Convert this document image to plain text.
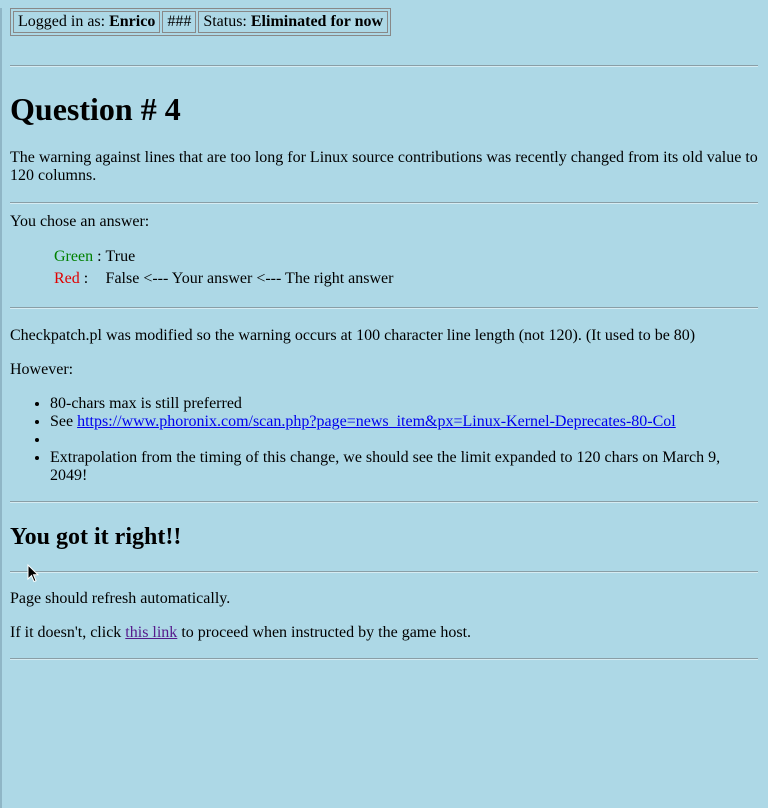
Logged in as: Enrico	###	Status: Eliminated for now
Question # 4

The warning against lines that are too long for Linux source contributions was recently changed from its old value to 120 columns.

You chose an answer:

Green :	True
Red :	False <--- Your answer <--- The right answer

Checkpatch.pl was modified so the warning occurs at 100 character line length (not 120). (It used to be 80)

However:

• 80-chars max is still preferred
• See https://www.phoronix.com/scan.php?page=news_item&px=Linux-Kernel-Deprecates-80-Col
•
• Extrapolation from the timing of this change, we should see the limit expanded to 120 chars on March 9, 2049!
You got it right!!

Page should refresh automatically.

If it doesn't, click this link to proceed when instructed by the game host.
